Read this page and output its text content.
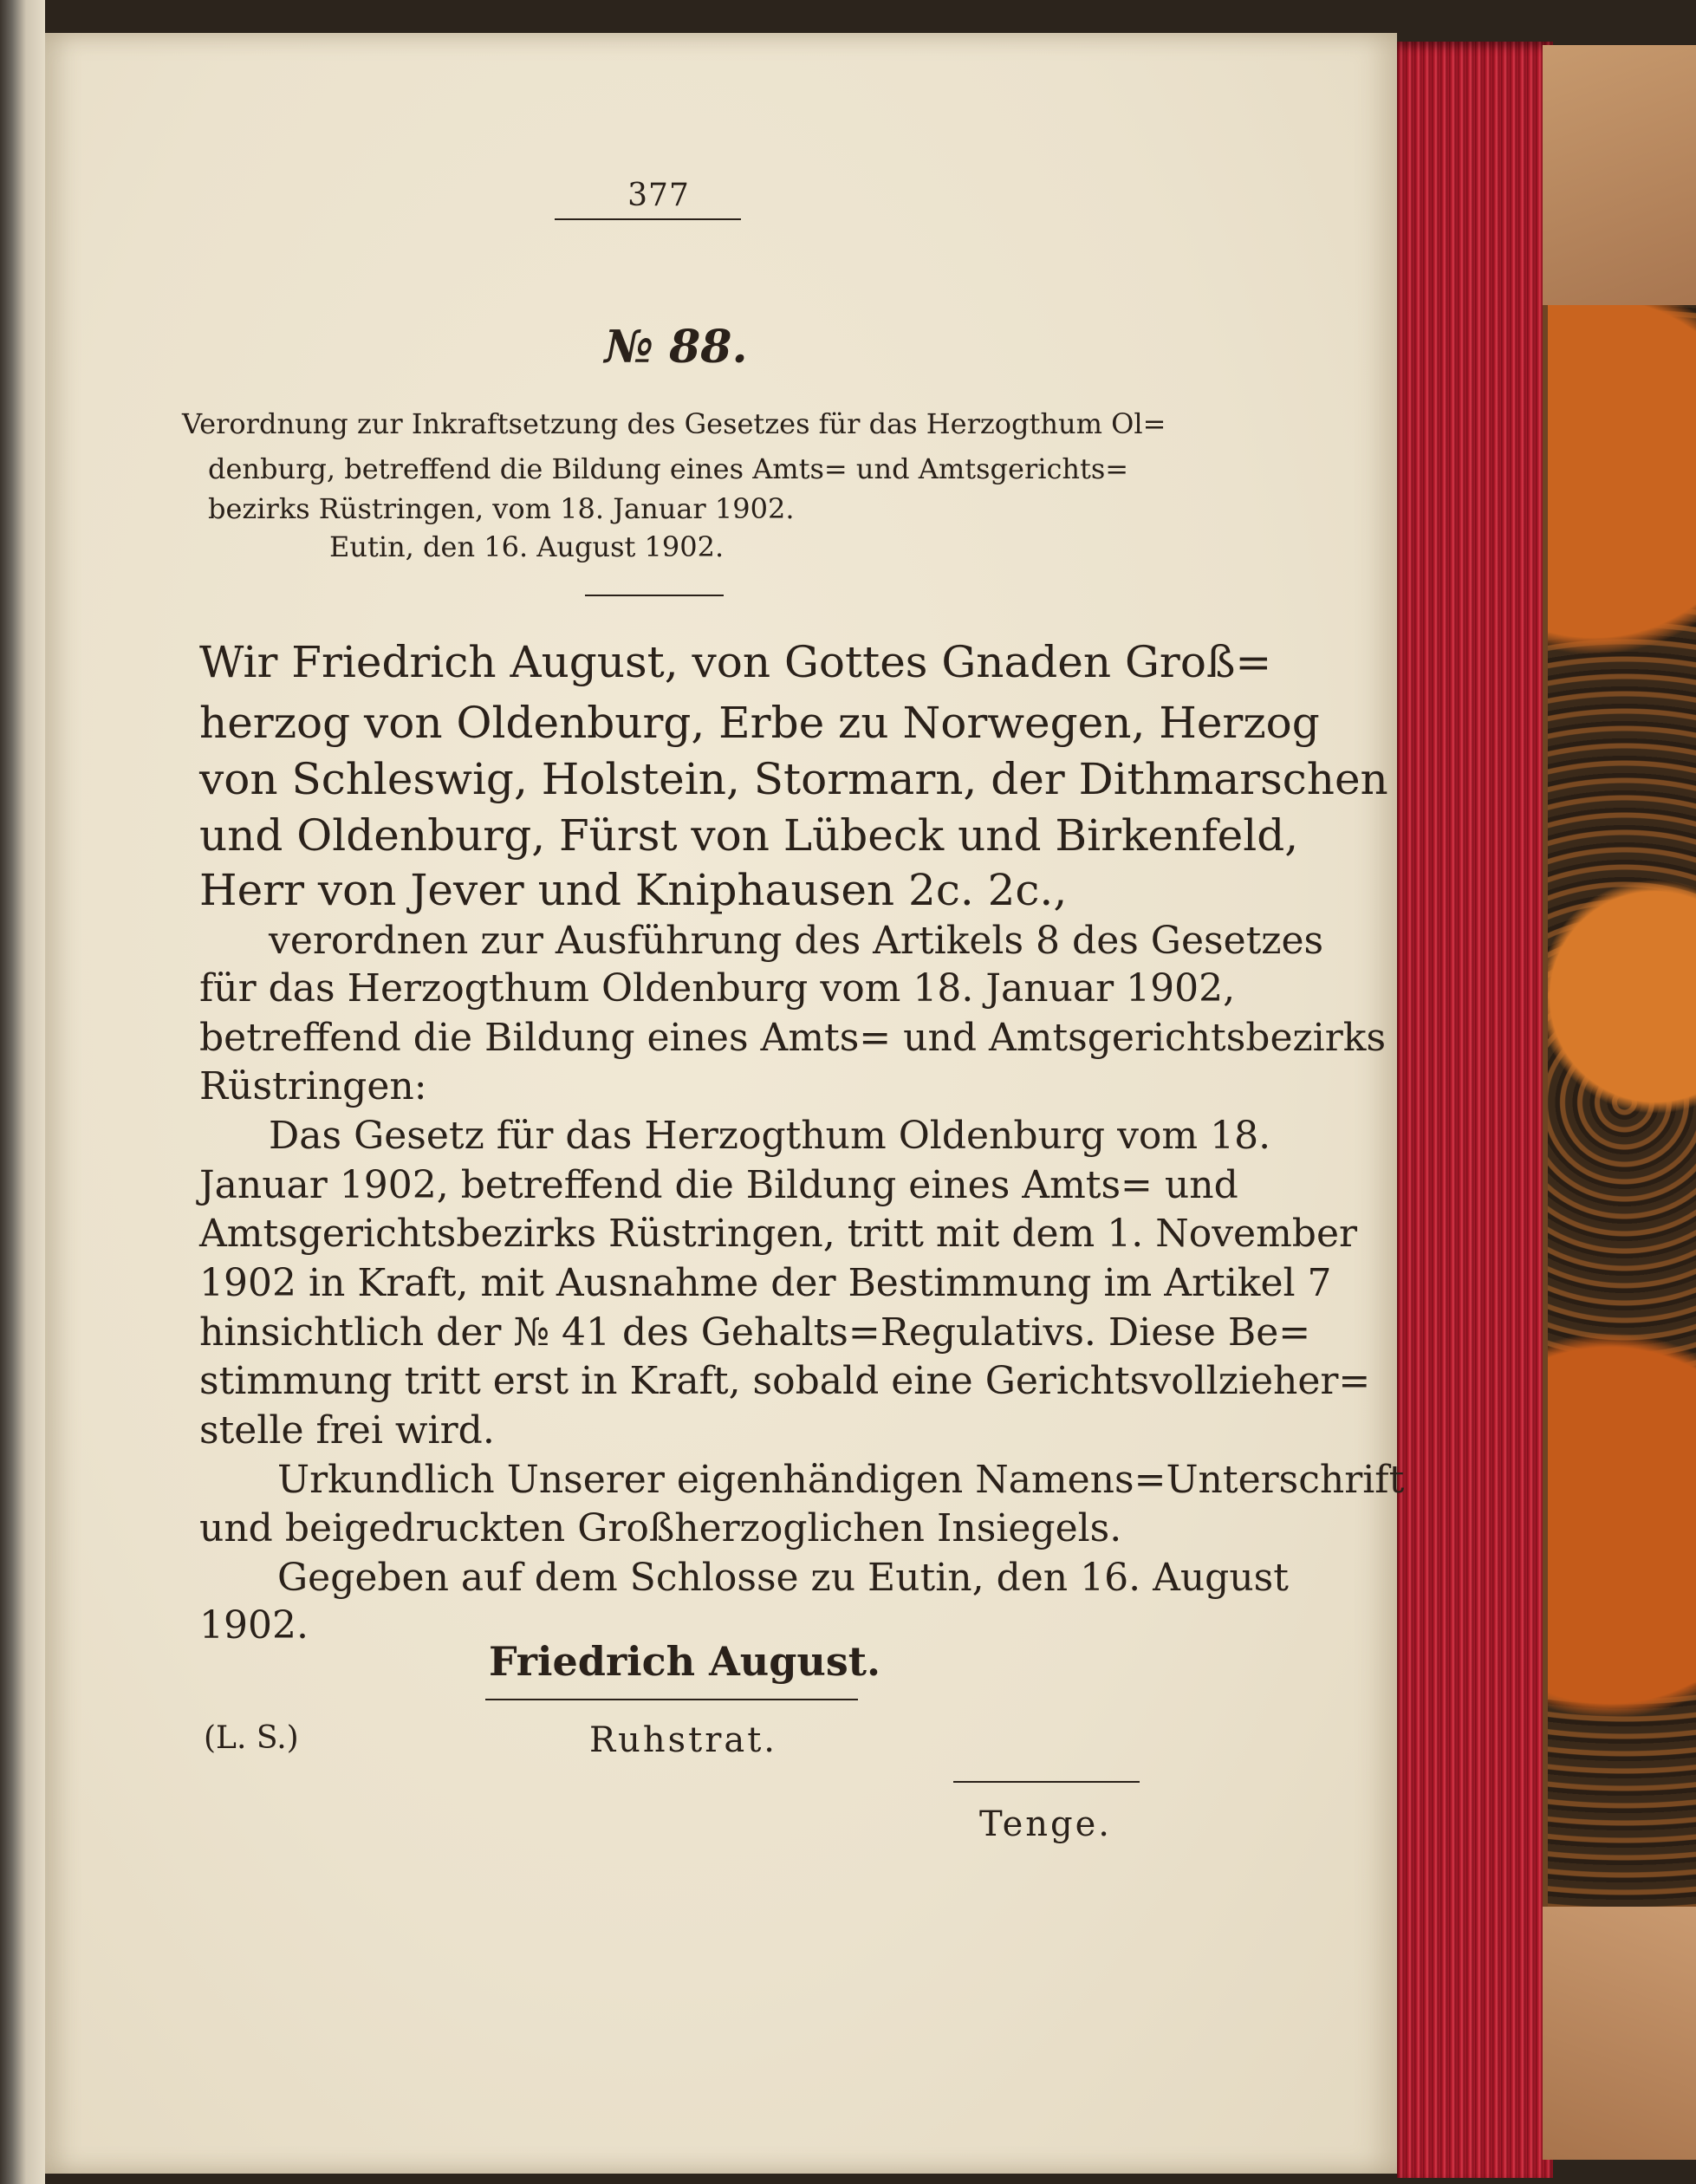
377
№ 88.
Verordnung zur Inkraftsetzung des Gesetzes für das Herzogthum Ol=
denburg, betreffend die Bildung eines Amts= und Amtsgerichts=
bezirks Rüstringen, vom 18. Januar 1902.
Eutin, den 16. August 1902.
Wir Friedrich August, von Gottes Gnaden Groß=
herzog von Oldenburg, Erbe zu Norwegen, Herzog
von Schleswig, Holstein, Stormarn, der Dithmarschen
und Oldenburg, Fürst von Lübeck und Birkenfeld,
Herr von Jever und Kniphausen 2c. 2c.,
verordnen zur Ausführung des Artikels 8 des Gesetzes
für das Herzogthum Oldenburg vom 18. Januar 1902,
betreffend die Bildung eines Amts= und Amtsgerichtsbezirks
Rüstringen:
Das Gesetz für das Herzogthum Oldenburg vom 18.
Januar 1902, betreffend die Bildung eines Amts= und
Amtsgerichtsbezirks Rüstringen, tritt mit dem 1. November
1902 in Kraft, mit Ausnahme der Bestimmung im Artikel 7
hinsichtlich der № 41 des Gehalts=Regulativs. Diese Be=
stimmung tritt erst in Kraft, sobald eine Gerichtsvollzieher=
stelle frei wird.
Urkundlich Unserer eigenhändigen Namens=Unterschrift
und beigedruckten Großherzoglichen Insiegels.
Gegeben auf dem Schlosse zu Eutin, den 16. August
1902.
Friedrich August.
(L. S.)	Ruhstrat.
Tenge.
